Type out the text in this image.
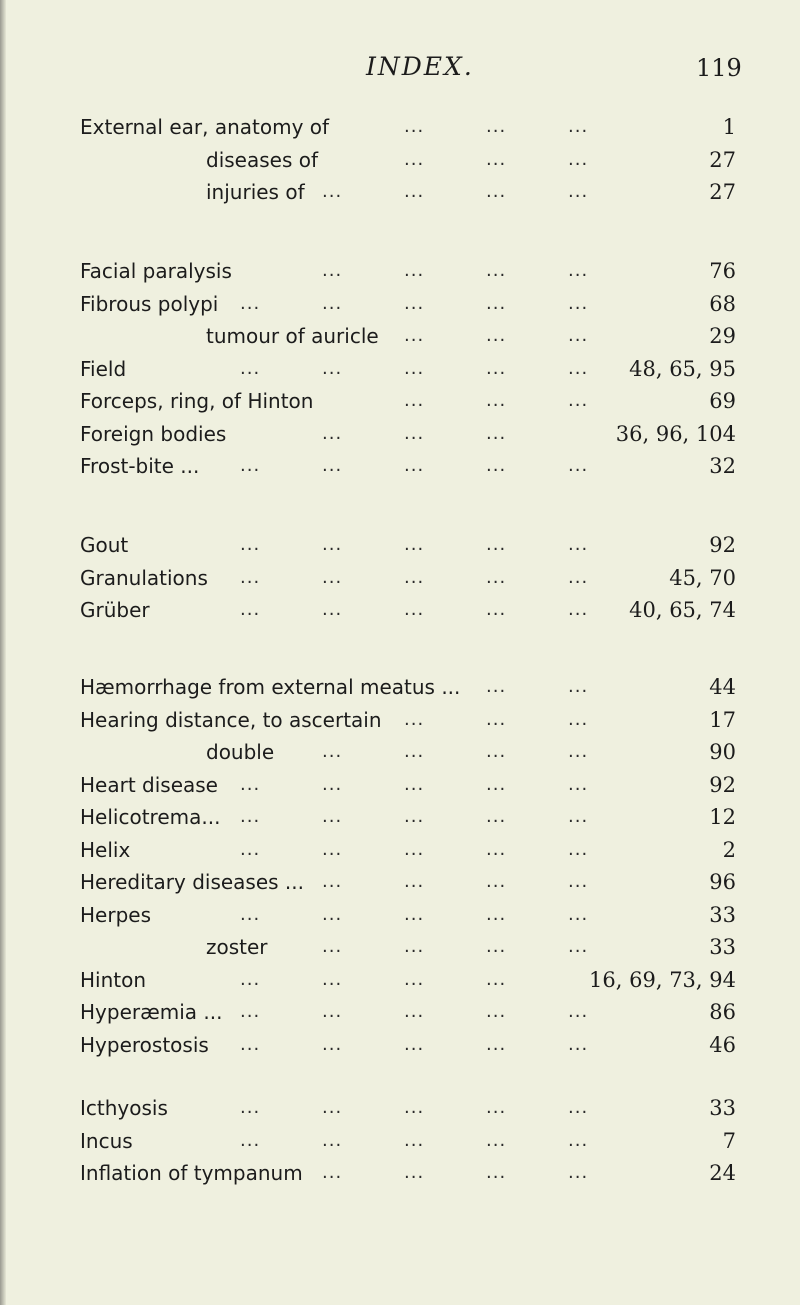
INDEX.	119
External ear, anatomy of	1
...	...	...
diseases of	27
...	...	...
injuries of	27
...	...	...	...
Facial paralysis	76
...	...	...	...
Fibrous polypi	68
...	...	...	...	...
tumour of auricle	29
...	...	...
Field	48, 65, 95
...	...	...	...	...
Forceps, ring, of Hinton	69
...	...	...
Foreign bodies	36, 96, 104
...	...	...
Frost-bite ...	32
...	...	...	...	...
Gout	92
...	...	...	...	...
Granulations	45, 70
...	...	...	...	...
Grüber	40, 65, 74
...	...	...	...	...
Hæmorrhage from external meatus ...	44
...	...
Hearing distance, to ascertain	17
...	...	...
double	90
...	...	...	...
Heart disease	92
...	...	...	...	...
Helicotrema...	12
...	...	...	...	...
Helix	2
...	...	...	...	...
Hereditary diseases ...	96
...	...	...	...
Herpes	33
...	...	...	...	...
zoster	33
...	...	...	...
Hinton	16, 69, 73, 94
...	...	...	...
Hyperæmia ...	86
...	...	...	...	...
Hyperostosis	46
...	...	...	...	...
Icthyosis	33
...	...	...	...	...
Incus	7
...	...	...	...	...
Inflation of tympanum	24
...	...	...	...
